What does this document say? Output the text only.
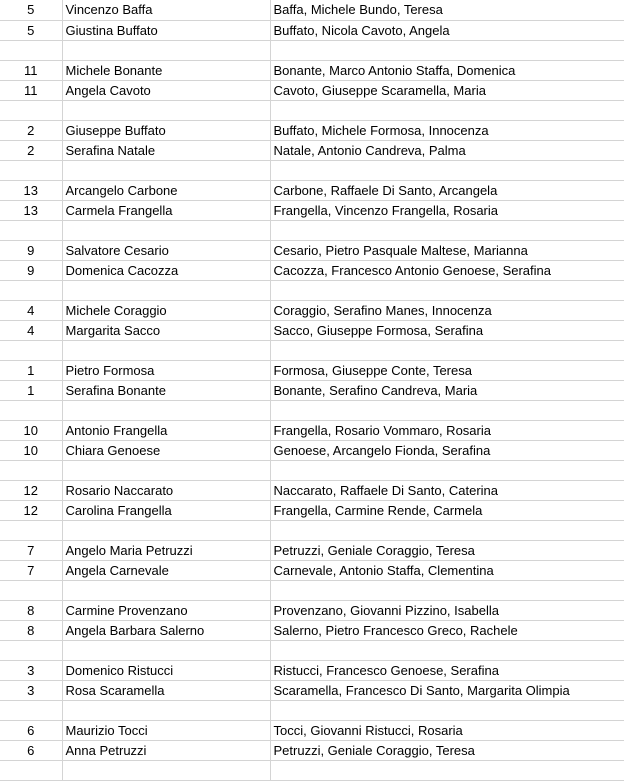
5	Vincenzo Baffa	Baffa, Michele Bundo, Teresa
5	Giustina Buffato	Buffato, Nicola Cavoto, Angela

11	Michele Bonante	Bonante, Marco Antonio Staffa, Domenica
11	Angela Cavoto	Cavoto, Giuseppe Scaramella, Maria

2	Giuseppe Buffato	Buffato, Michele Formosa, Innocenza
2	Serafina Natale	Natale, Antonio Candreva, Palma

13	Arcangelo Carbone	Carbone, Raffaele Di Santo, Arcangela
13	Carmela Frangella	Frangella, Vincenzo Frangella, Rosaria

9	Salvatore Cesario	Cesario, Pietro Pasquale Maltese, Marianna
9	Domenica Cacozza	Cacozza, Francesco Antonio Genoese, Serafina

4	Michele Coraggio	Coraggio, Serafino Manes, Innocenza
4	Margarita Sacco	Sacco, Giuseppe Formosa, Serafina

1	Pietro Formosa	Formosa, Giuseppe Conte, Teresa
1	Serafina Bonante	Bonante, Serafino Candreva, Maria

10	Antonio Frangella	Frangella, Rosario Vommaro, Rosaria
10	Chiara Genoese	Genoese, Arcangelo Fionda, Serafina

12	Rosario Naccarato	Naccarato, Raffaele Di Santo, Caterina
12	Carolina Frangella	Frangella, Carmine Rende, Carmela

7	Angelo Maria Petruzzi	Petruzzi, Geniale Coraggio, Teresa
7	Angela Carnevale	Carnevale, Antonio Staffa, Clementina

8	Carmine Provenzano	Provenzano, Giovanni Pizzino, Isabella
8	Angela Barbara Salerno	Salerno, Pietro Francesco Greco, Rachele

3	Domenico Ristucci	Ristucci, Francesco Genoese, Serafina
3	Rosa Scaramella	Scaramella, Francesco Di Santo, Margarita Olimpia

6	Maurizio Tocci	Tocci, Giovanni Ristucci, Rosaria
6	Anna Petruzzi	Petruzzi, Geniale Coraggio, Teresa
